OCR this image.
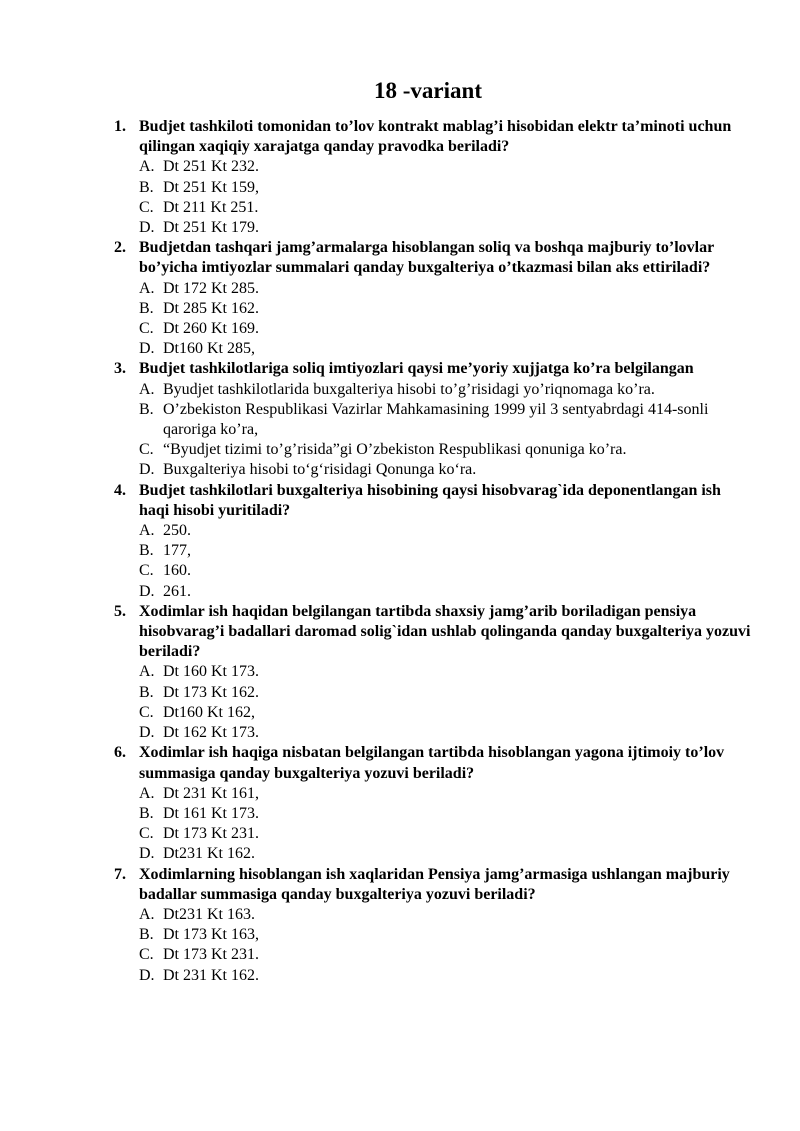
18 -variant
1. Budjet tashkiloti tomonidan to’lov kontrakt mablag’i hisobidan elektr ta’minoti uchun qilingan xaqiqiy xarajatga qanday pravodka beriladi?
A. Dt 251 Kt 232.
B. Dt 251 Kt 159,
C. Dt 211 Kt 251.
D. Dt 251 Kt 179.
2. Budjetdan tashqari jamg’armalarga hisoblangan soliq va boshqa majburiy to’lovlar bo’yicha imtiyozlar summalari qanday buxgalteriya o’tkazmasi bilan aks ettiriladi?
A. Dt 172 Kt 285.
B. Dt 285 Kt 162.
C. Dt 260 Kt 169.
D. Dt160 Kt 285,
3. Budjet tashkilotlariga soliq imtiyozlari qaysi me’yoriy xujjatga ko’ra belgilangan
A. Byudjet tashkilotlarida buxgalteriya hisobi to’g’risidagi yo’riqnomaga ko’ra.
B. O’zbekiston Respublikasi Vazirlar Mahkamasining 1999 yil 3 sentyabrdagi 414-sonli qaroriga ko’ra,
C. “Byudjet tizimi to’g’risida”gi O’zbekiston Respublikasi qonuniga ko’ra.
D. Buxgalteriya hisobi to‘g‘risidagi Qonunga ko‘ra.
4. Budjet tashkilotlari buxgalteriya hisobining qaysi hisobvarag`ida deponentlangan ish haqi hisobi yuritiladi?
A. 250.
B. 177,
C. 160.
D. 261.
5. Xodimlar ish haqidan belgilangan tartibda shaxsiy jamg’arib boriladigan pensiya hisobvarag’i badallari daromad solig`idan ushlab qolinganda qanday buxgalteriya yozuvi beriladi?
A. Dt 160 Kt 173.
B. Dt 173 Kt 162.
C. Dt160 Kt 162,
D. Dt 162 Kt 173.
6. Xodimlar ish haqiga nisbatan belgilangan tartibda hisoblangan yagona ijtimoiy to’lov summasiga qanday buxgalteriya yozuvi beriladi?
A. Dt 231 Kt 161,
B. Dt 161 Kt 173.
C. Dt 173 Kt 231.
D. Dt231 Kt 162.
7. Xodimlarning hisoblangan ish xaqlaridan Pensiya jamg’armasiga ushlangan majburiy badallar summasiga qanday buxgalteriya yozuvi beriladi?
A. Dt231 Kt 163.
B. Dt 173 Kt 163,
C. Dt 173 Kt 231.
D. Dt 231 Kt 162.
